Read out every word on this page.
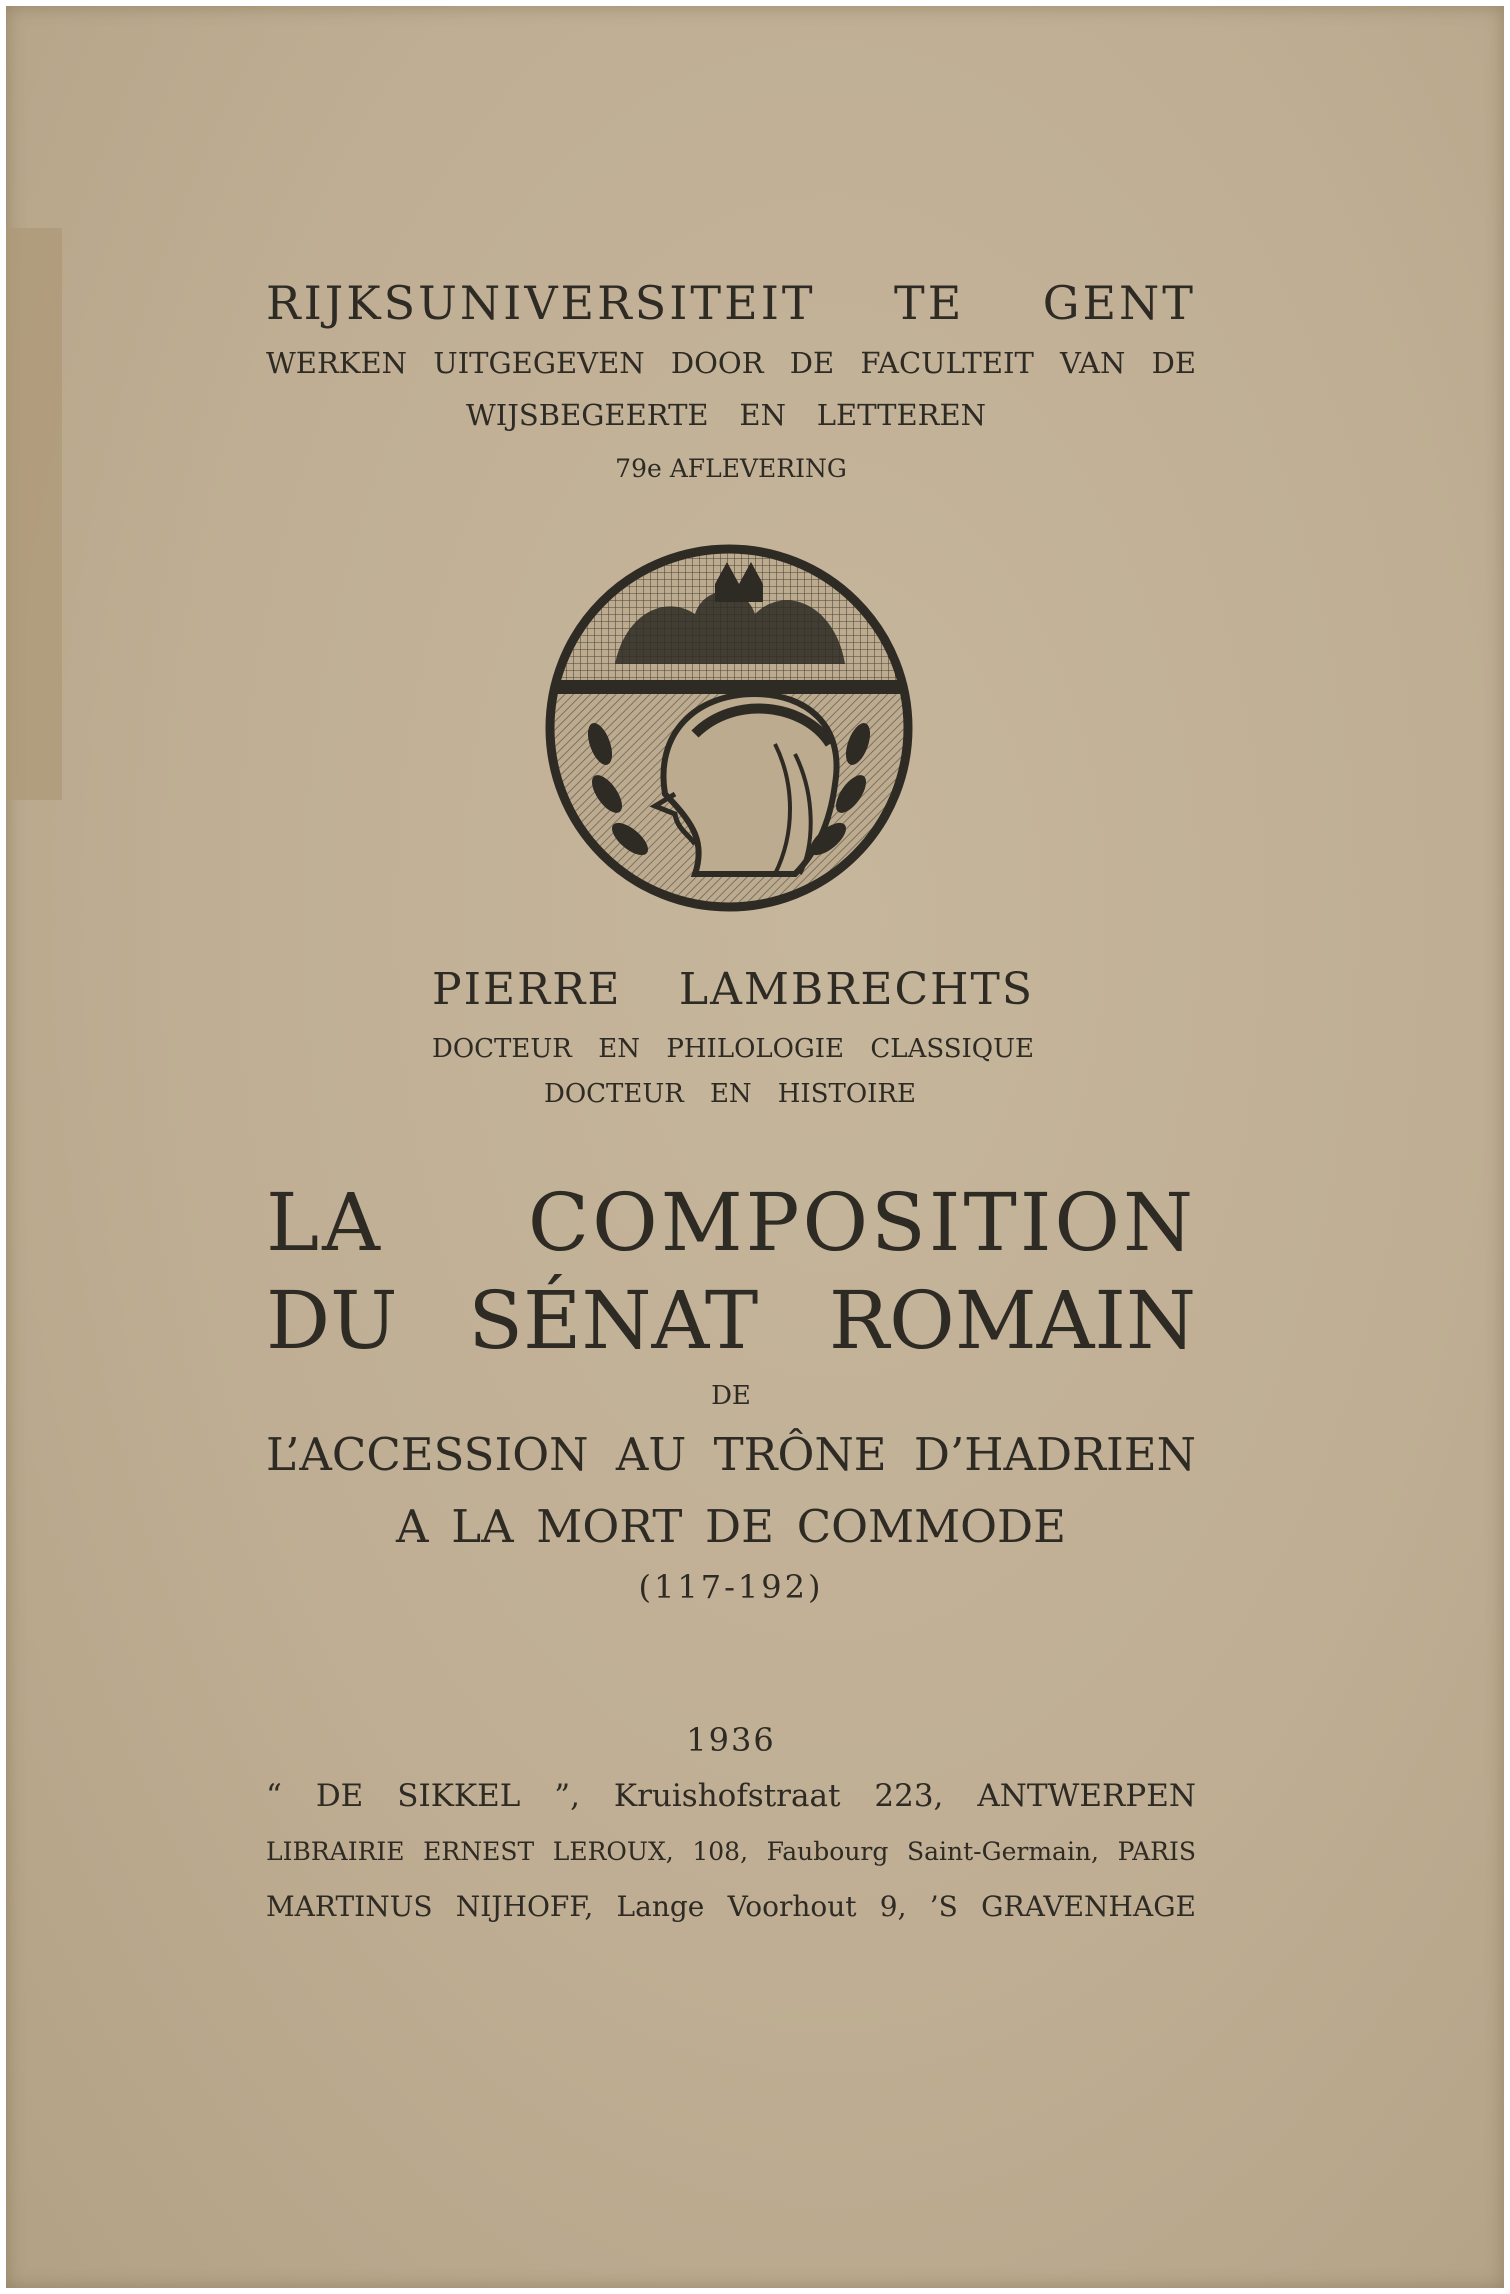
RIJKSUNIVERSITEIT TE GENT
WERKEN UITGEGEVEN DOOR DE FACULTEIT VAN DE
WIJSBEGEERTE EN LETTEREN
79e AFLEVERING
PIERRE LAMBRECHTS
DOCTEUR EN PHILOLOGIE CLASSIQUE
DOCTEUR EN HISTOIRE
LA COMPOSITION
DU SÉNAT ROMAIN
DE
L’ACCESSION AU TRÔNE D’HADRIEN
A LA MORT DE COMMODE
(117-192)
1936
“ DE SIKKEL ”, Kruishofstraat 223, ANTWERPEN
LIBRAIRIE ERNEST LEROUX, 108, Faubourg Saint-Germain, PARIS
MARTINUS NIJHOFF, Lange Voorhout 9, ’S GRAVENHAGE
